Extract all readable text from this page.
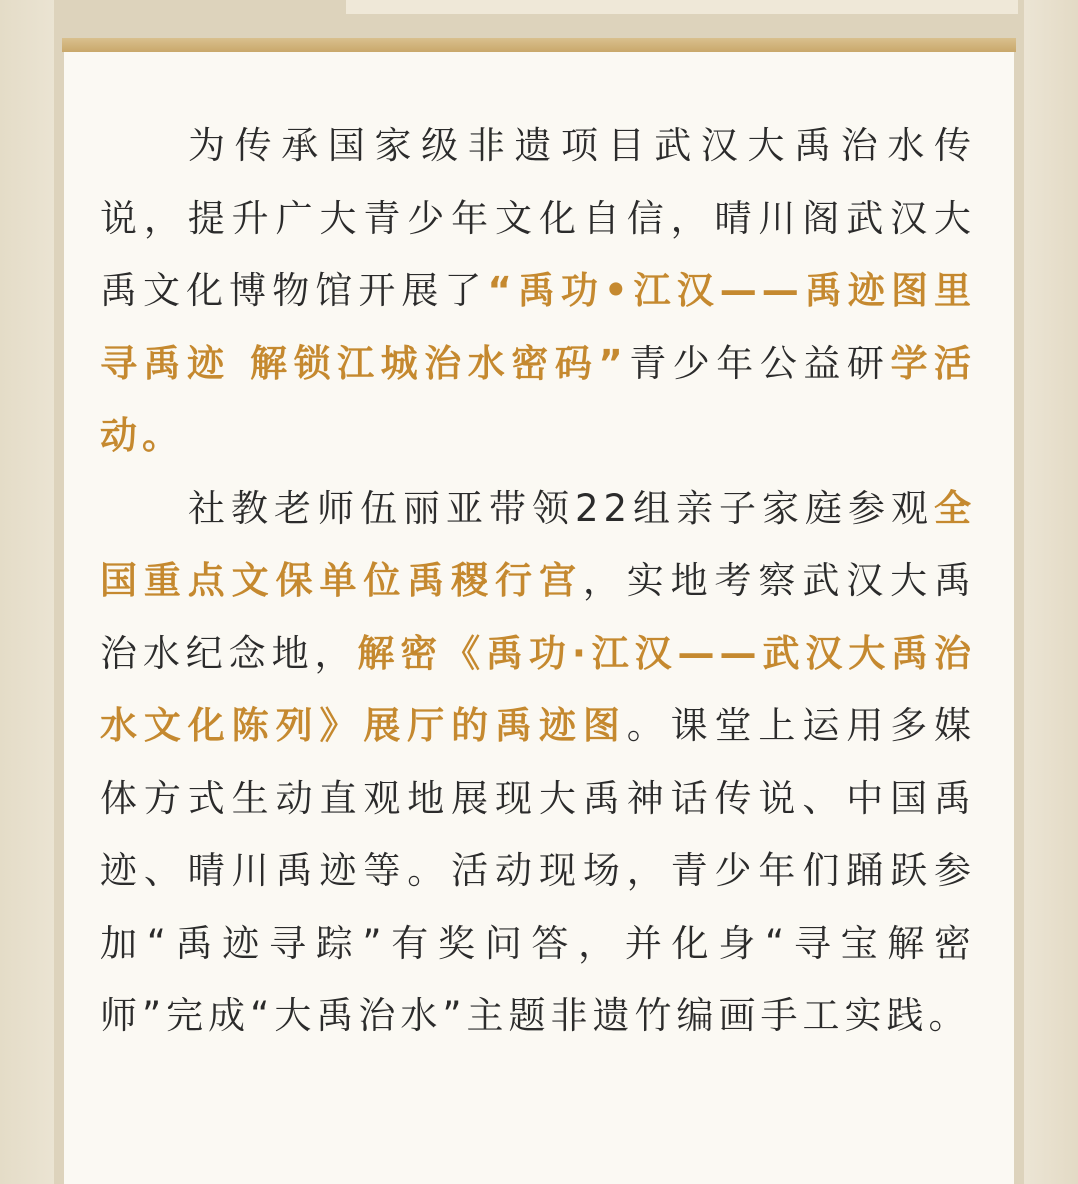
为传承国家级非遗项目武汉大禹治水传说，提升广大青少年文化自信，晴川阁武汉大禹文化博物馆开展了“禹功•江汉——禹迹图里寻禹迹 解锁江城治水密码”青少年公益研学活动。

社教老师伍丽亚带领22组亲子家庭参观全国重点文保单位禹稷行宫，实地考察武汉大禹治水纪念地，解密《禹功·江汉——武汉大禹治水文化陈列》展厅的禹迹图。课堂上运用多媒体方式生动直观地展现大禹神话传说、中国禹迹、晴川禹迹等。活动现场，青少年们踊跃参加“禹迹寻踪”有奖问答，并化身“寻宝解密师”完成“大禹治水”主题非遗竹编画手工实践。
